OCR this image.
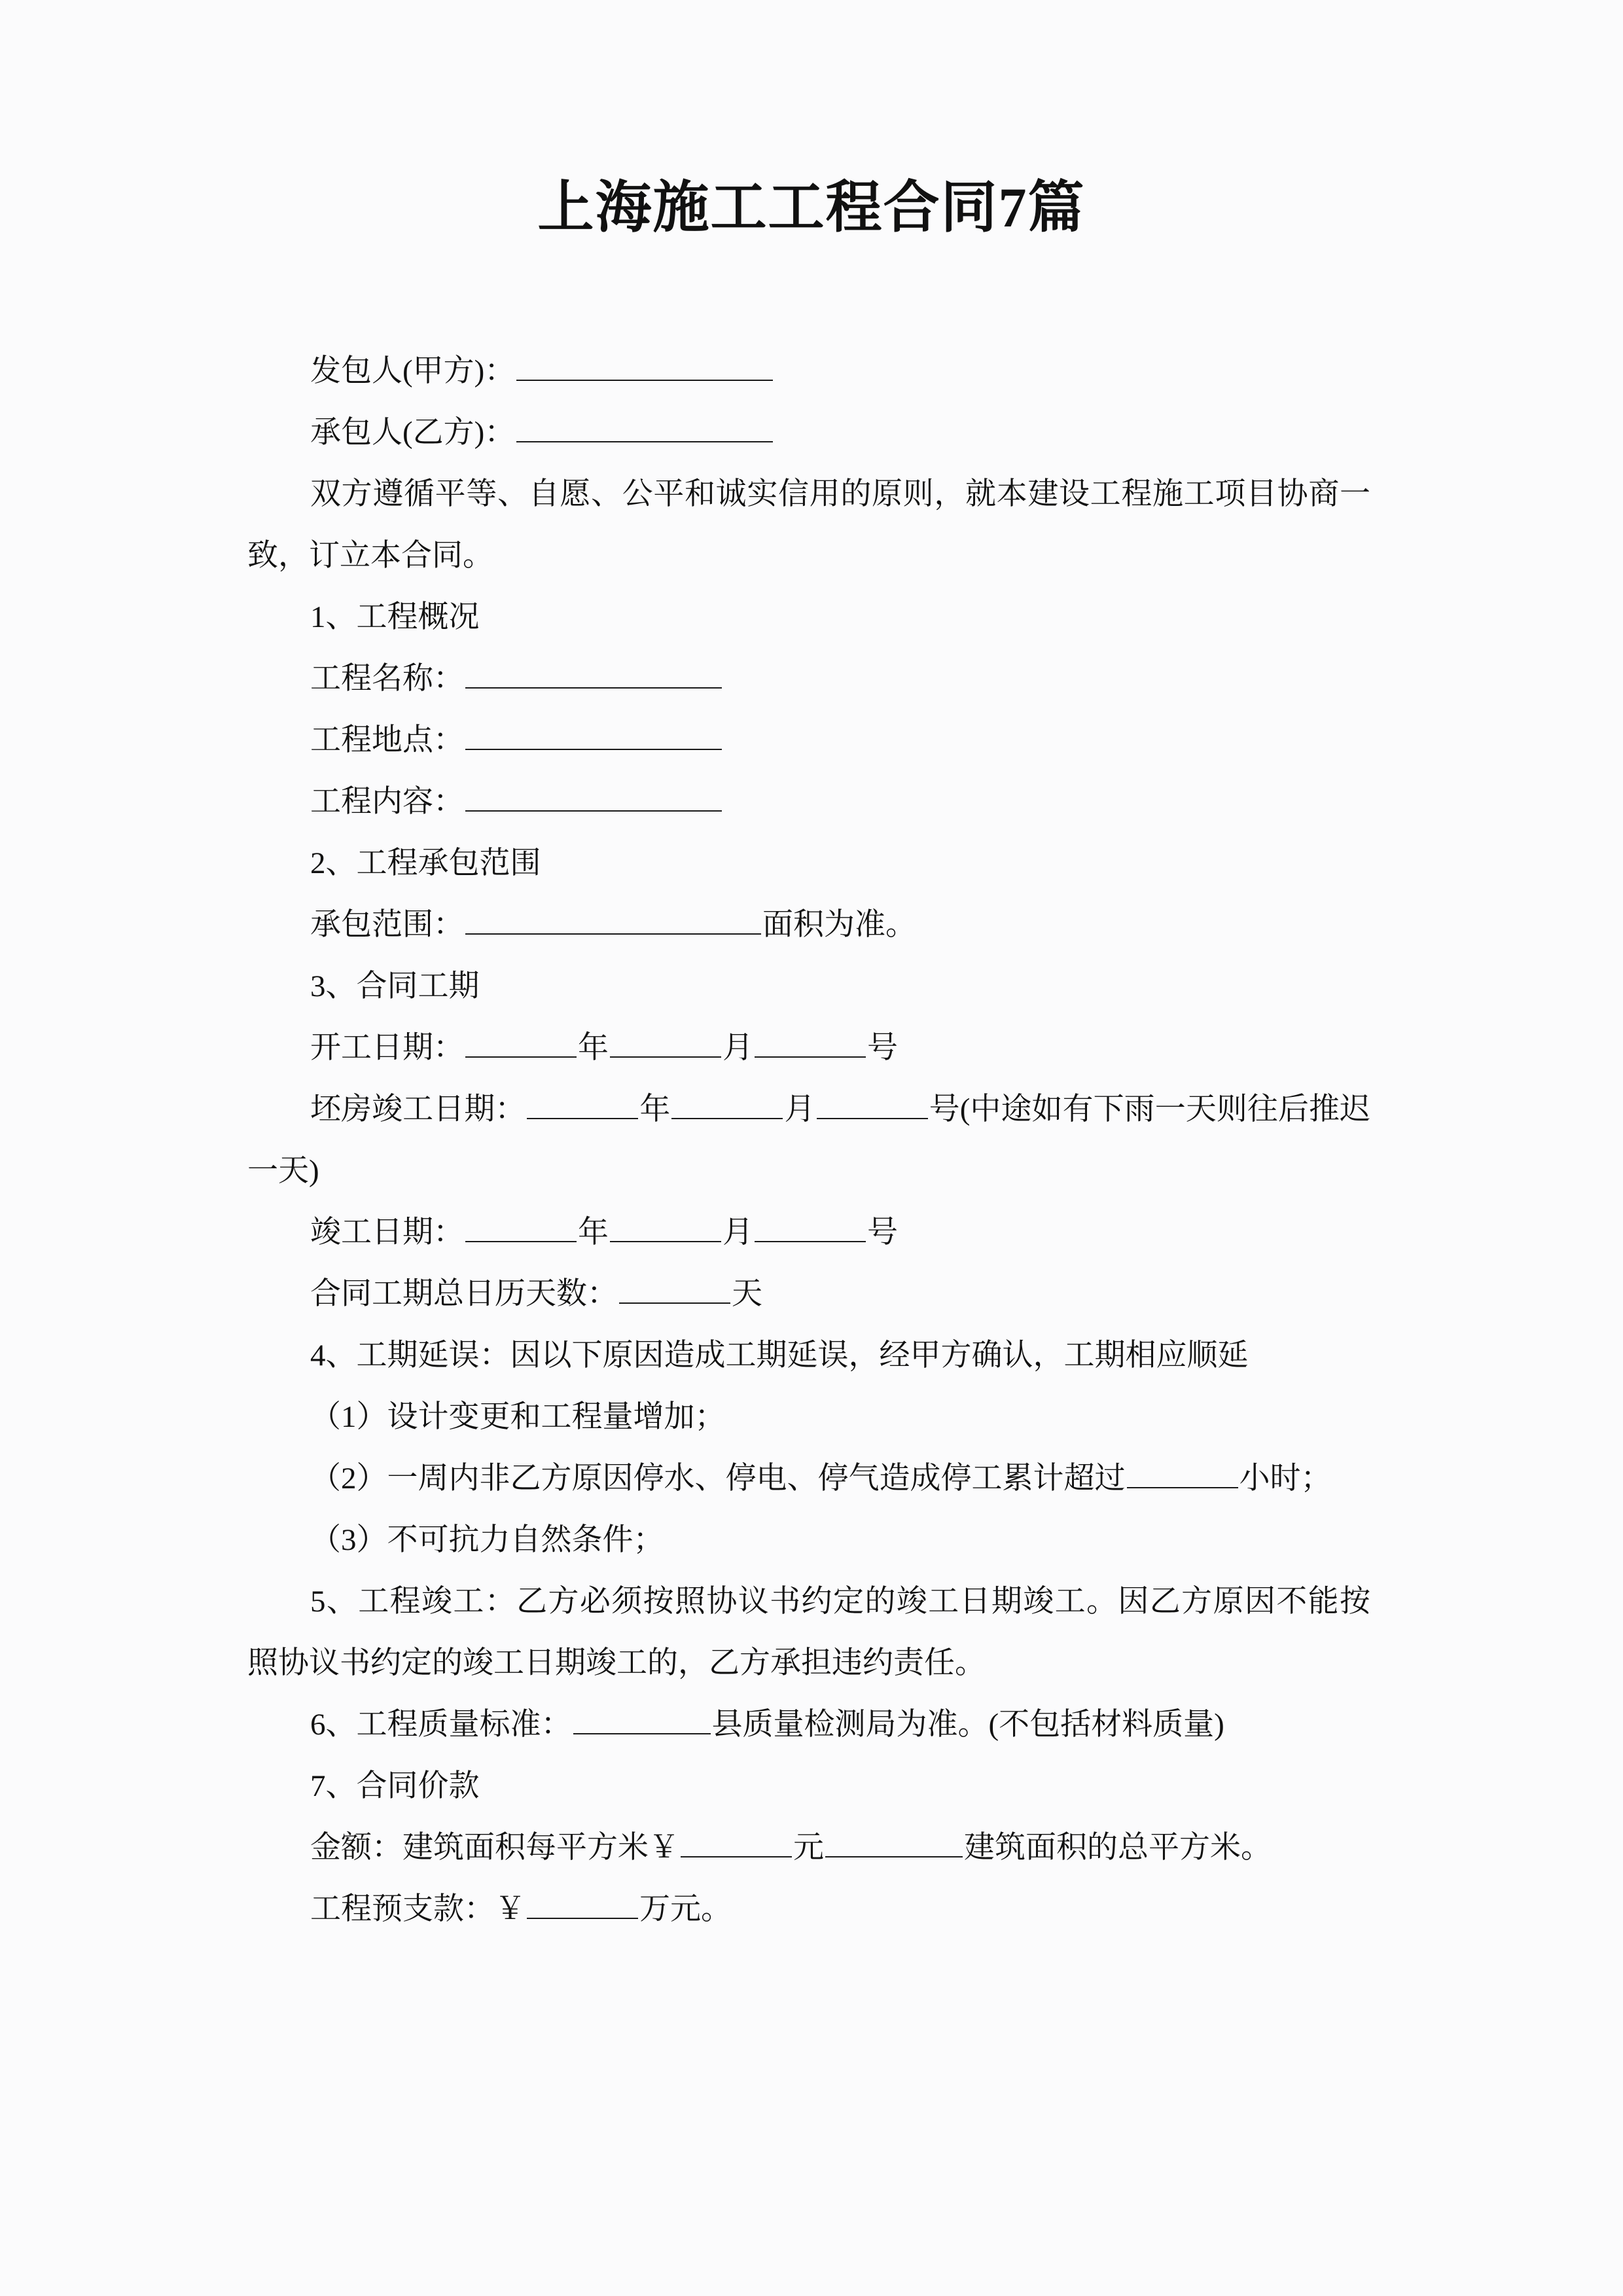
上海施工工程合同7篇

发包人(甲方)：

承包人(乙方)：

双方遵循平等、自愿、公平和诚实信用的原则，就本建设工程施工项目协商一致，订立本合同。

1、工程概况

工程名称：

工程地点：

工程内容：

2、工程承包范围

承包范围：	面积为准。

3、合同工期

开工日期：	年	月	号

坯房竣工日期：	年	月	号(中途如有下雨一天则往后推迟一天)

竣工日期：	年	月	号

合同工期总日历天数：	天

4、工期延误：因以下原因造成工期延误，经甲方确认，工期相应顺延

（1）设计变更和工程量增加；

（2）一周内非乙方原因停水、停电、停气造成停工累计超过	小时；

（3）不可抗力自然条件；

5、工程竣工：乙方必须按照协议书约定的竣工日期竣工。因乙方原因不能按照协议书约定的竣工日期竣工的，乙方承担违约责任。

6、工程质量标准：	县质量检测局为准。(不包括材料质量)

7、合同价款

金额：建筑面积每平方米￥	元	建筑面积的总平方米。

工程预支款：￥	万元。
